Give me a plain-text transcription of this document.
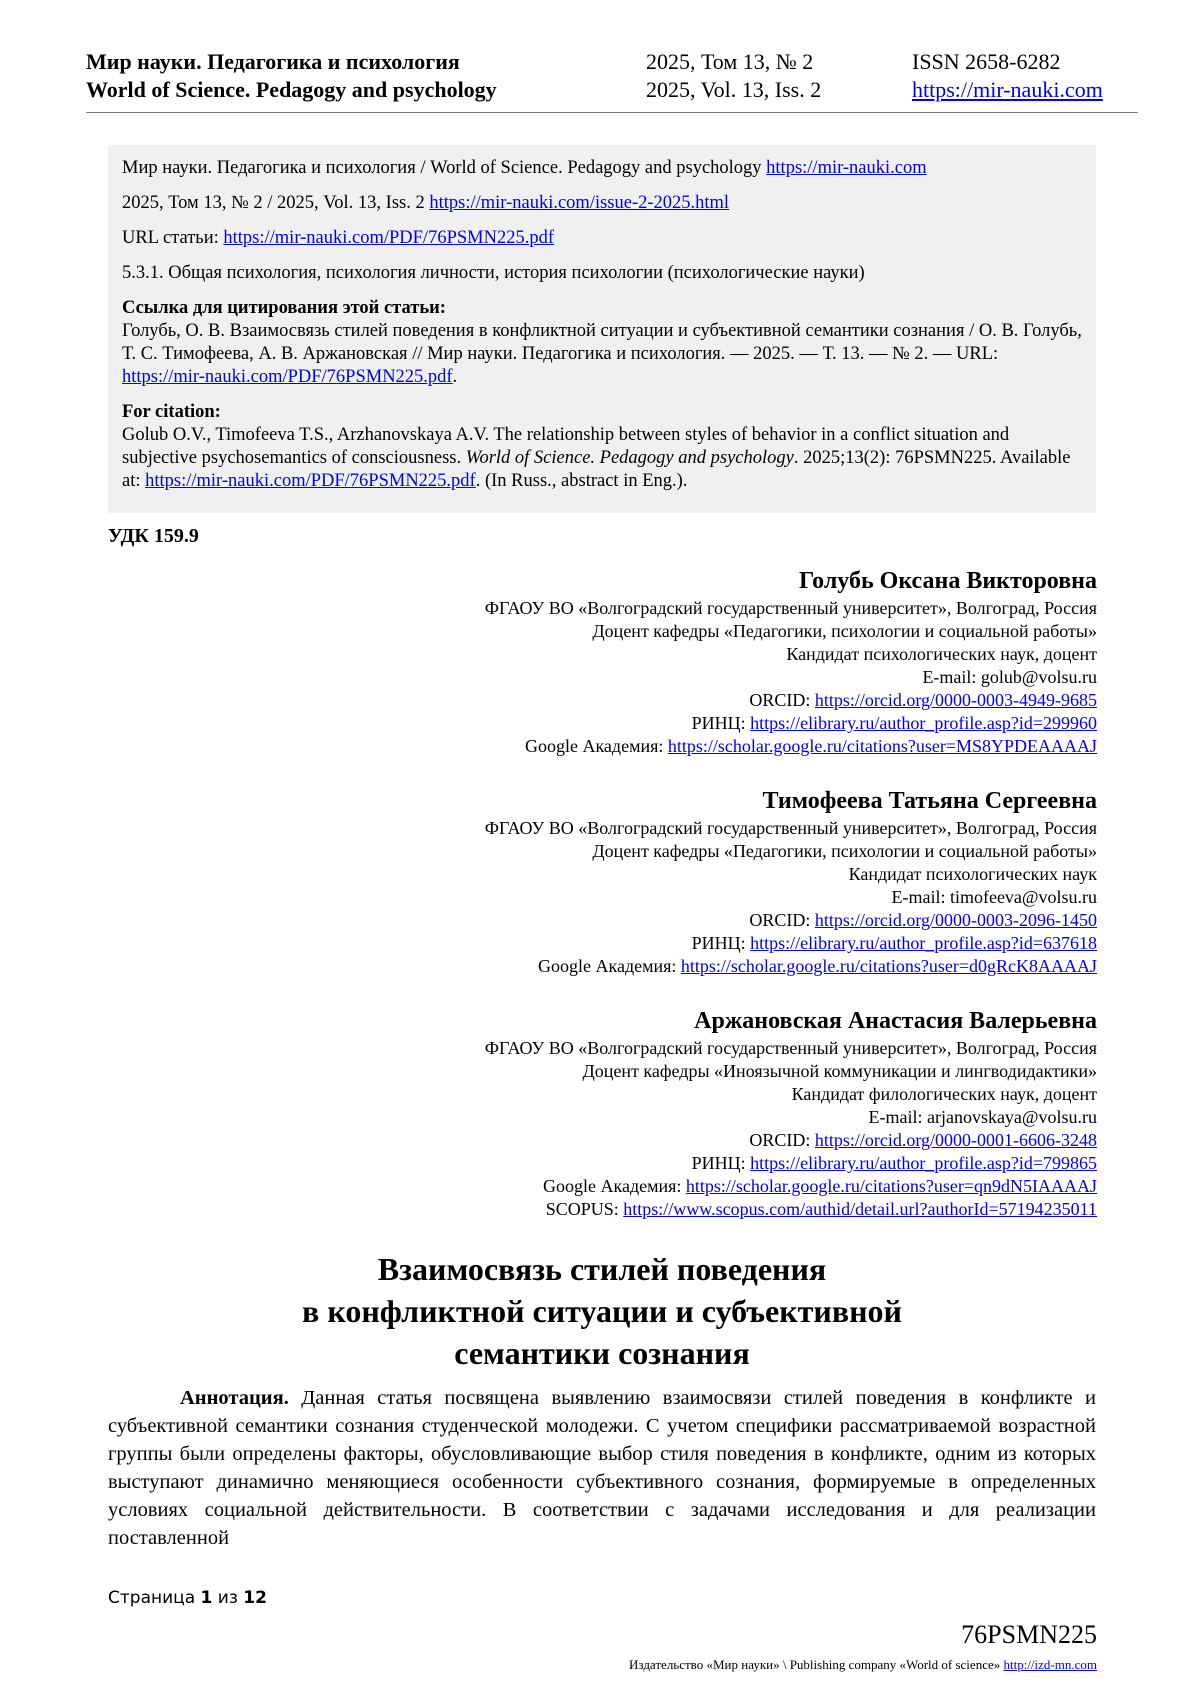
Мир науки. Педагогика и психология
World of Science. Pedagogy and psychology
2025, Том 13, № 2
2025, Vol. 13, Iss. 2
ISSN 2658-6282
https://mir-nauki.com

Мир науки. Педагогика и психология / World of Science. Pedagogy and psychology https://mir-nauki.com

2025, Том 13, № 2 / 2025, Vol. 13, Iss. 2 https://mir-nauki.com/issue-2-2025.html

URL статьи: https://mir-nauki.com/PDF/76PSMN225.pdf

5.3.1. Общая психология, психология личности, история психологии (психологические науки)

Ссылка для цитирования этой статьи:

Голубь, О. В. Взаимосвязь стилей поведения в конфликтной ситуации и субъективной семантики сознания / О. В. Голубь, Т. С. Тимофеева, А. В. Аржановская // Мир науки. Педагогика и психология. — 2025. — Т. 13. — № 2. — URL: https://mir-nauki.com/PDF/76PSMN225.pdf.

For citation:

Golub O.V., Timofeeva T.S., Arzhanovskaya A.V. The relationship between styles of behavior in a conflict situation and subjective psychosemantics of consciousness. World of Science. Pedagogy and psychology. 2025;13(2): 76PSMN225. Available at: https://mir-nauki.com/PDF/76PSMN225.pdf. (In Russ., abstract in Eng.).

УДК 159.9
Голубь Оксана Викторовна
ФГАОУ ВО «Волгоградский государственный университет», Волгоград, Россия
Доцент кафедры «Педагогики, психологии и социальной работы»
Кандидат психологических наук, доцент
E-mail: golub@volsu.ru
ORCID: https://orcid.org/0000-0003-4949-9685
РИНЦ: https://elibrary.ru/author_profile.asp?id=299960
Google Академия: https://scholar.google.ru/citations?user=MS8YPDEAAAAJ
Тимофеева Татьяна Сергеевна
ФГАОУ ВО «Волгоградский государственный университет», Волгоград, Россия
Доцент кафедры «Педагогики, психологии и социальной работы»
Кандидат психологических наук
E-mail: timofeeva@volsu.ru
ORCID: https://orcid.org/0000-0003-2096-1450
РИНЦ: https://elibrary.ru/author_profile.asp?id=637618
Google Академия: https://scholar.google.ru/citations?user=d0gRcK8AAAAJ
Аржановская Анастасия Валерьевна
ФГАОУ ВО «Волгоградский государственный университет», Волгоград, Россия
Доцент кафедры «Иноязычной коммуникации и лингводидактики»
Кандидат филологических наук, доцент
E-mail: arjanovskaya@volsu.ru
ORCID: https://orcid.org/0000-0001-6606-3248
РИНЦ: https://elibrary.ru/author_profile.asp?id=799865
Google Академия: https://scholar.google.ru/citations?user=qn9dN5IAAAAJ
SCOPUS: https://www.scopus.com/authid/detail.url?authorId=57194235011
Взаимосвязь стилей поведения
в конфликтной ситуации и субъективной
семантики сознания
Аннотация. Данная статья посвящена выявлению взаимосвязи стилей поведения в конфликте и субъективной семантики сознания студенческой молодежи. С учетом специфики рассматриваемой возрастной группы были определены факторы, обусловливающие выбор стиля поведения в конфликте, одним из которых выступают динамично меняющиеся особенности субъективного сознания, формируемые в определенных условиях социальной действительности. В соответствии с задачами исследования и для реализации поставленной
Страница 1 из 12
76PSMN225
Издательство «Мир науки» \ Publishing company «World of science» http://izd-mn.com
